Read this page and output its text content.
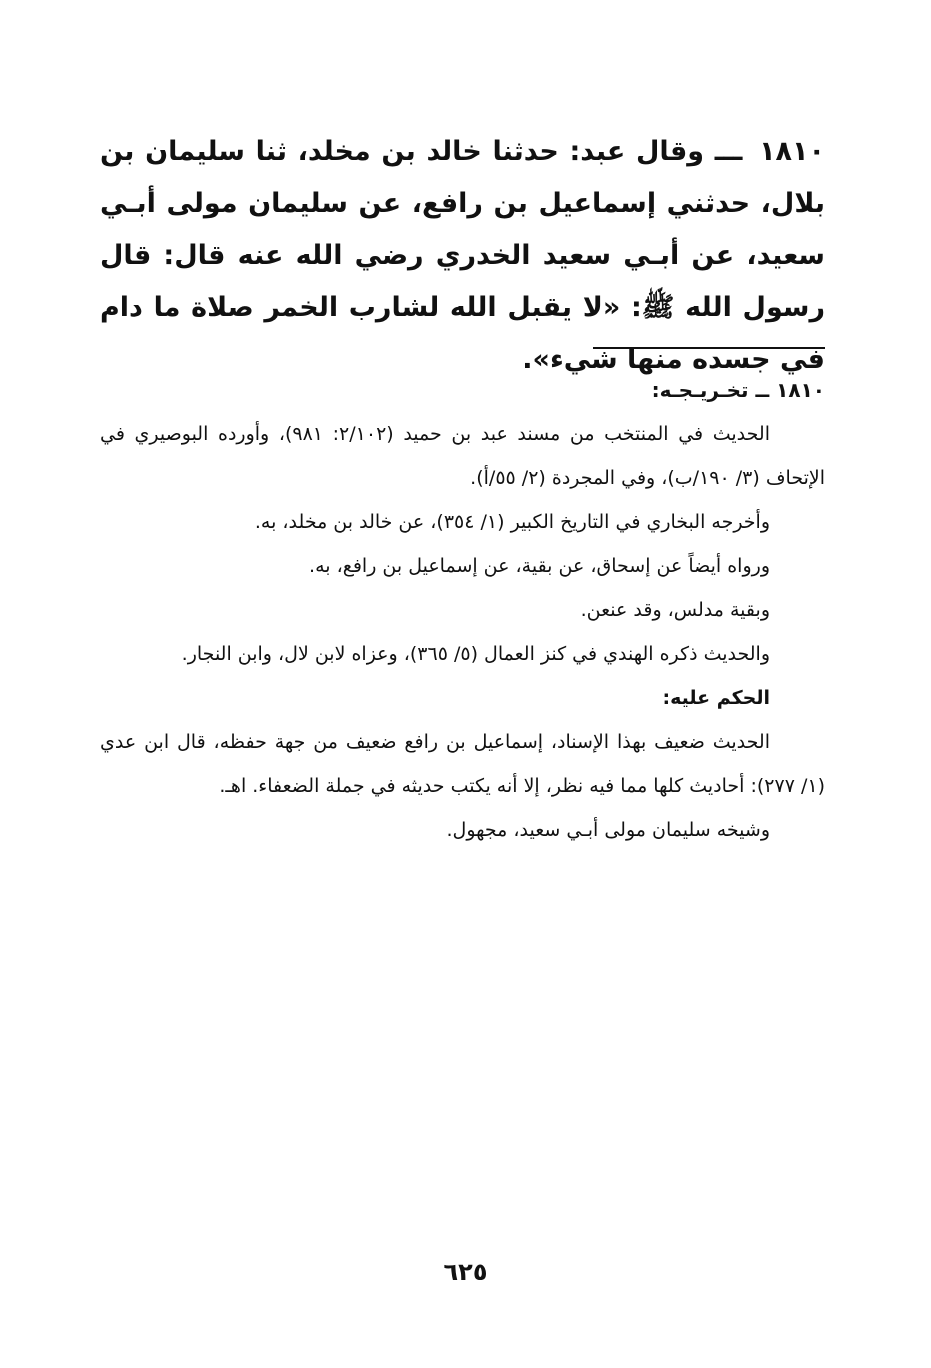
١٨١٠ ـــ وقال عبد: حدثنا خالد بن مخلد، ثنا سليمان بن بلال، حدثني إسماعيل بن رافع، عن سليمان مولى أبـي سعيد، عن أبـي سعيد الخدري رضي الله عنه قال: قال رسول الله ﷺ: «لا يقبل الله لشارب الخمر صلاة ما دام في جسده منها شيء».

١٨١٠ ــ تخـريـجـه:

الحديث في المنتخب من مسند عبد بن حميد (٢/١٠٢: ٩٨١)، وأورده البوصيري في الإتحاف (٣/ ١٩٠/ب)، وفي المجردة (٢/ ٥٥/أ).

وأخرجه البخاري في التاريخ الكبير (١/ ٣٥٤)، عن خالد بن مخلد، به.

ورواه أيضاً عن إسحاق، عن بقية، عن إسماعيل بن رافع، به.

وبقية مدلس، وقد عنعن.

والحديث ذكره الهندي في كنز العمال (٥/ ٣٦٥)، وعزاه لابن لال، وابن النجار.

الحكم عليه:

الحديث ضعيف بهذا الإسناد، إسماعيل بن رافع ضعيف من جهة حفظه، قال ابن عدي (١/ ٢٧٧): أحاديث كلها مما فيه نظر، إلا أنه يكتب حديثه في جملة الضعفاء. اهـ.

وشيخه سليمان مولى أبـي سعيد، مجهول.

٦٢٥
